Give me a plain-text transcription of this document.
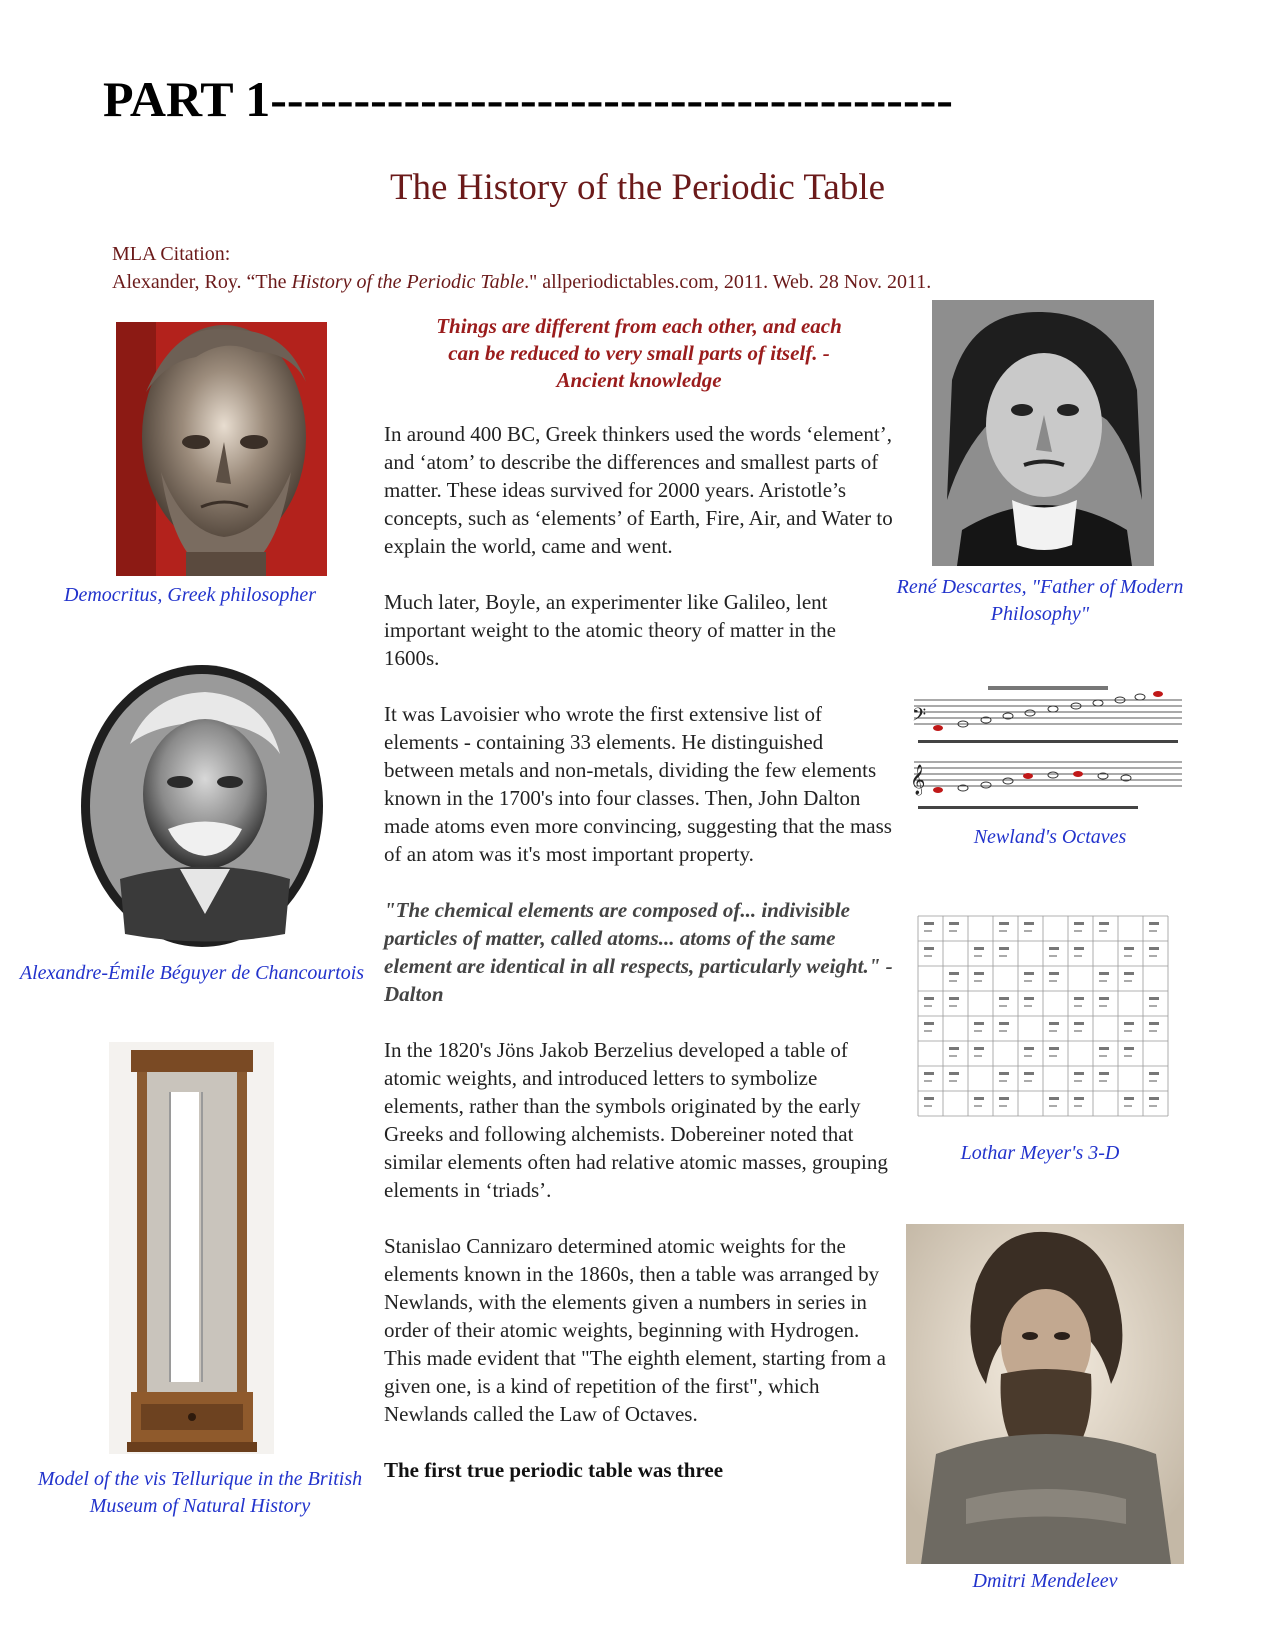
PART 1-----------------------------------------
The History of the Periodic Table
MLA Citation:
Alexander, Roy. “The History of the Periodic Table." allperiodictables.com, 2011. Web. 28 Nov. 2011.
Things are different from each other, and each
can be reduced to very small parts of itself. -
Ancient knowledge

In around 400 BC, Greek thinkers used the words ‘element’, and ‘atom’ to describe the differences and smallest parts of matter. These ideas survived for 2000 years. Aristotle’s concepts, such as ‘elements’ of Earth, Fire, Air, and Water to explain the world, came and went.

Much later, Boyle, an experimenter like Galileo, lent important weight to the atomic theory of matter in the 1600s.

It was Lavoisier who wrote the first extensive list of elements - containing 33 elements. He distinguished between metals and non-metals, dividing the few elements known in the 1700's into four classes. Then, John Dalton made atoms even more convincing, suggesting that the mass of an atom was it's most important property.

"The chemical elements are composed of... indivisible particles of matter, called atoms... atoms of the same element are identical in all respects, particularly weight." - Dalton

In the 1820's Jöns Jakob Berzelius developed a table of atomic weights, and introduced letters to symbolize elements, rather than the symbols originated by the early Greeks and following alchemists. Dobereiner noted that similar elements often had relative atomic masses, grouping elements in ‘triads’.

Stanislao Cannizaro determined atomic weights for the elements known in the 1860s, then a table was arranged by Newlands, with the elements given a numbers in series in order of their atomic weights, beginning with Hydrogen. This made evident that "The eighth element, starting from a given one, is a kind of repetition of the first", which Newlands called the Law of Octaves.

The first true periodic table was three

Democritus, Greek philosopher
Alexandre-Émile Béguyer de Chancourtois
Model of the vis Tellurique in the British
Museum of Natural History
René Descartes, "Father of Modern
Philosophy"
𝄢
𝄞
Newland's Octaves
Lothar Meyer's 3-D
Dmitri Mendeleev
